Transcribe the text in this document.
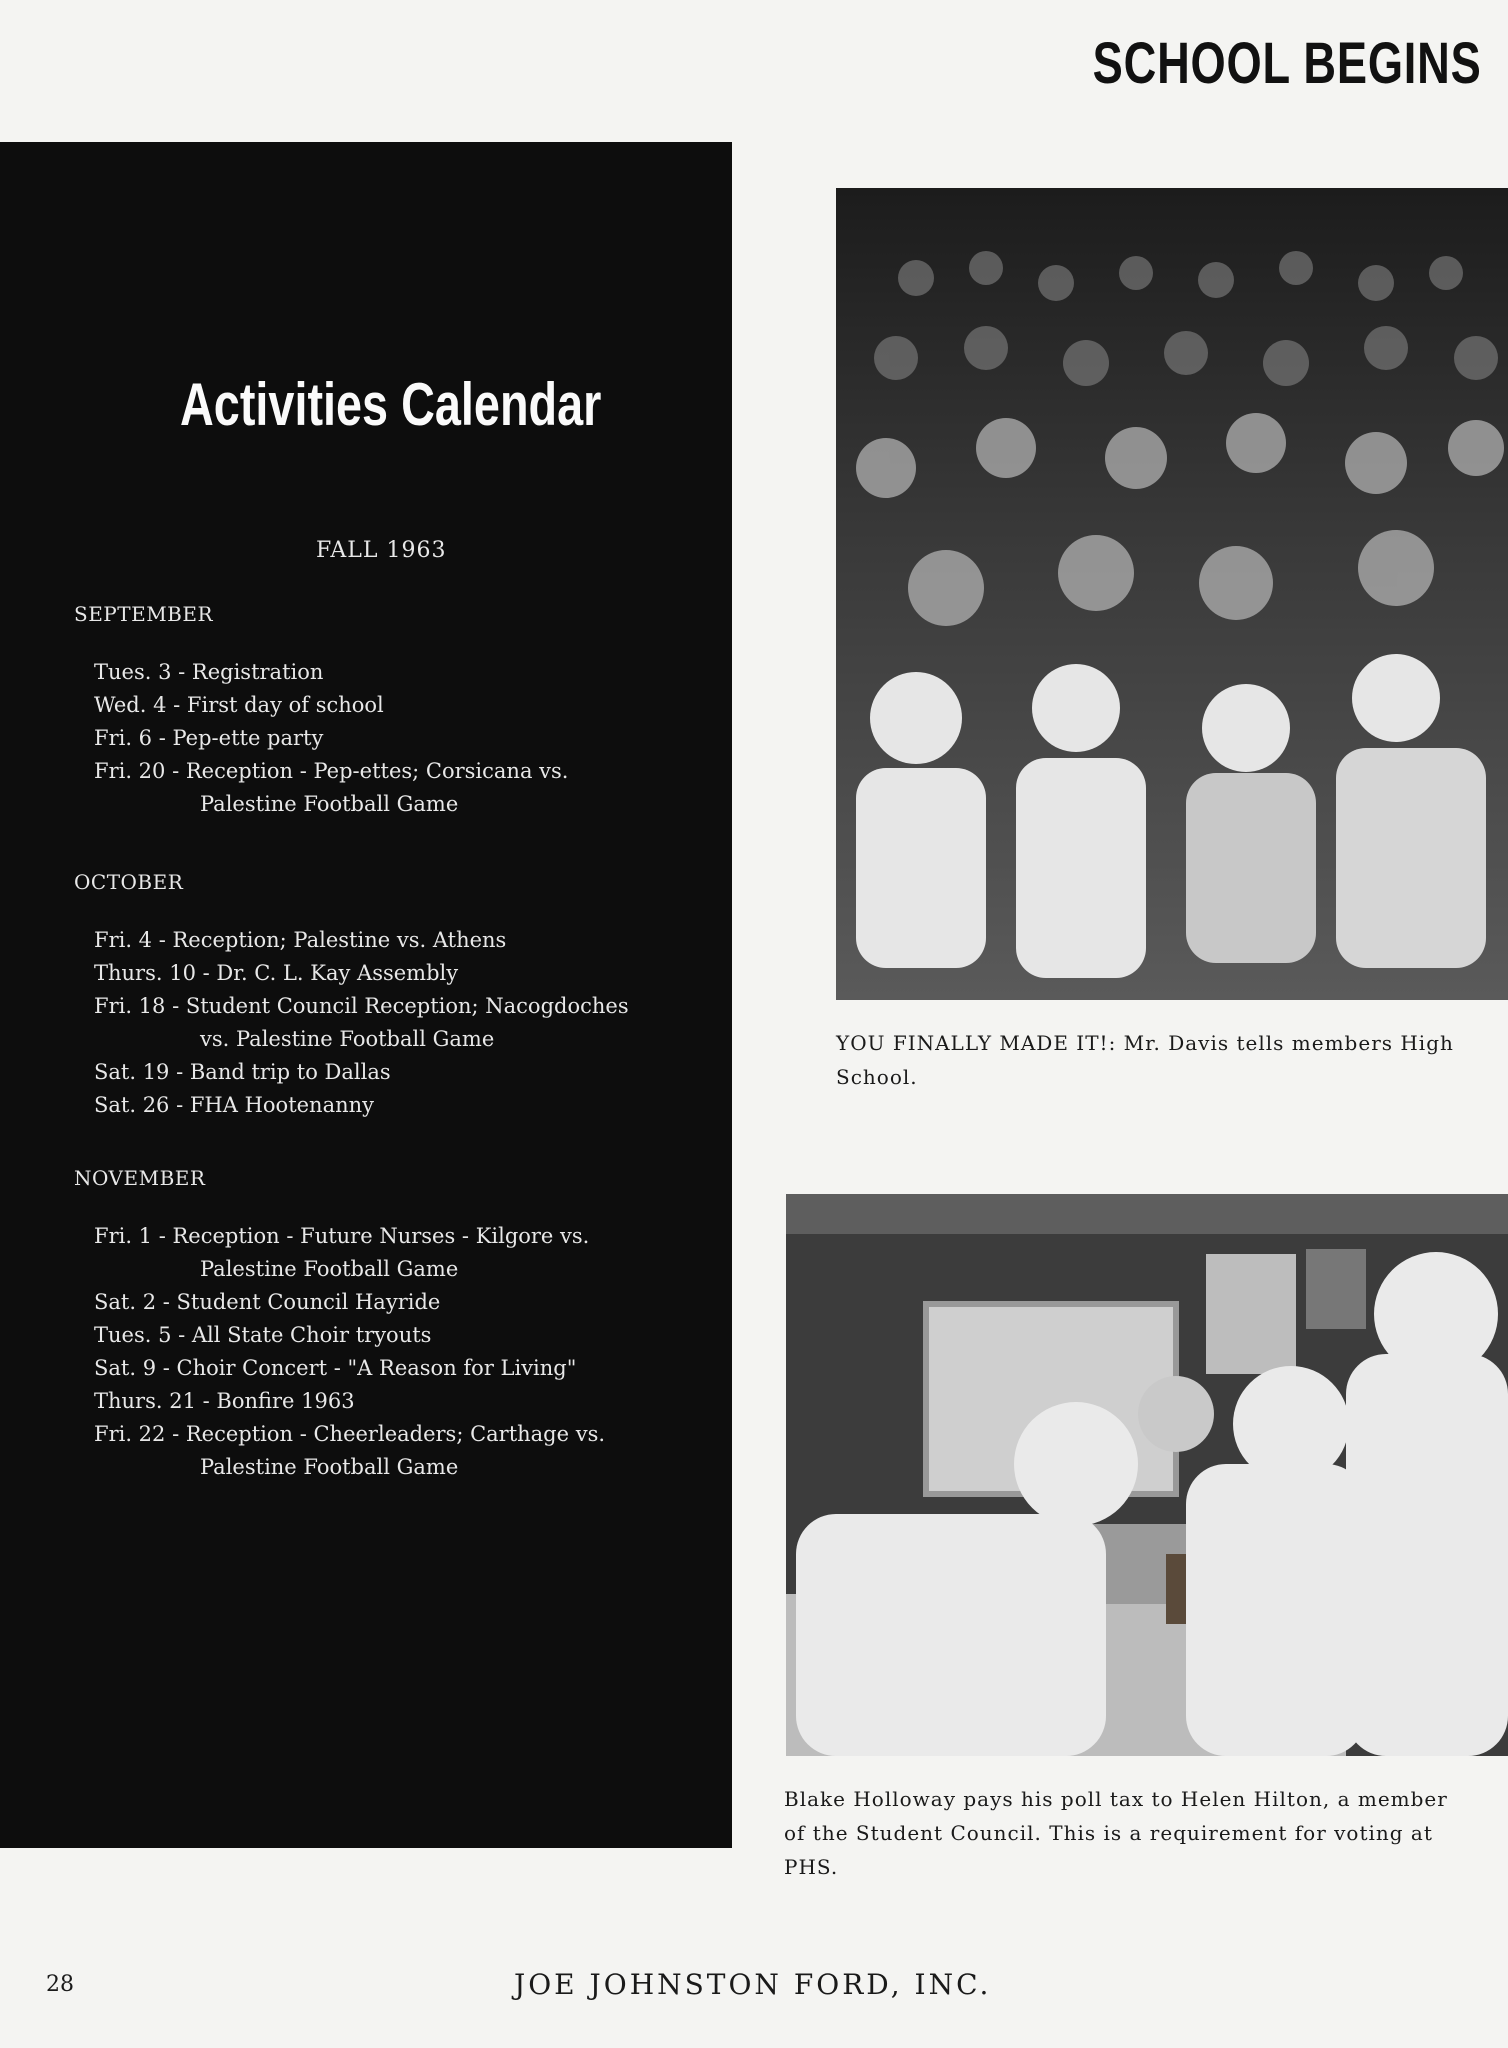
SCHOOL BEGINS
Activities Calendar
FALL 1963
SEPTEMBER
Tues. 3 - Registration
Wed. 4 - First day of school
Fri. 6 - Pep-ette party
Fri. 20 - Reception - Pep-ettes; Corsicana vs.
Palestine Football Game
OCTOBER
Fri. 4 - Reception; Palestine vs. Athens
Thurs. 10 - Dr. C. L. Kay Assembly
Fri. 18 - Student Council Reception; Nacogdoches
vs. Palestine Football Game
Sat. 19 - Band trip to Dallas
Sat. 26 - FHA Hootenanny
NOVEMBER
Fri. 1 - Reception - Future Nurses - Kilgore vs.
Palestine Football Game
Sat. 2 - Student Council Hayride
Tues. 5 - All State Choir tryouts
Sat. 9 - Choir Concert - "A Reason for Living"
Thurs. 21 - Bonfire 1963
Fri. 22 - Reception - Cheerleaders; Carthage vs.
Palestine Football Game
YOU FINALLY MADE IT!: Mr. Davis tells members High School.
Blake Holloway pays his poll tax to Helen Hilton, a member of the Student Council. This is a requirement for voting at PHS.
28	JOE JOHNSTON FORD, INC.
